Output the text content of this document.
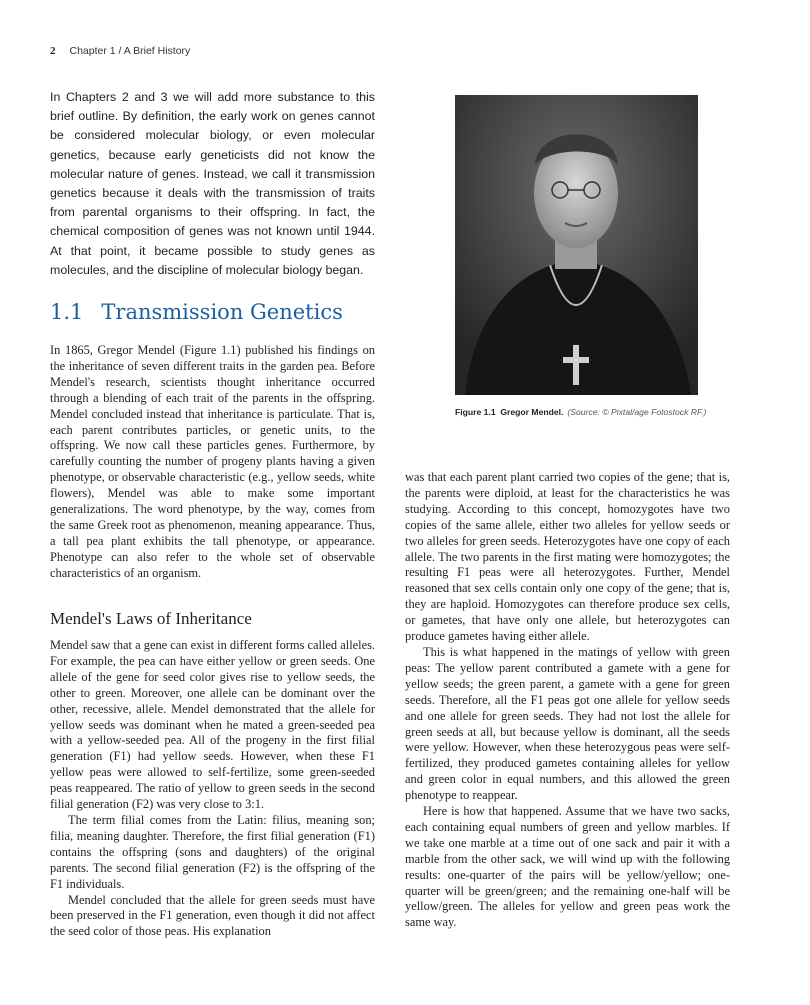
2 Chapter 1 / A Brief History

In Chapters 2 and 3 we will add more substance to this brief outline. By definition, the early work on genes cannot be considered molecular biology, or even molecular genetics, because early geneticists did not know the molecular nature of genes. Instead, we call it transmission genetics because it deals with the transmission of traits from parental organisms to their offspring. In fact, the chemical composition of genes was not known until 1944. At that point, it became possible to study genes as molecules, and the discipline of molecular biology began.

1.1 Transmission Genetics

In 1865, Gregor Mendel (Figure 1.1) published his findings on the inheritance of seven different traits in the garden pea. Before Mendel's research, scientists thought inheritance occurred through a blending of each trait of the parents in the offspring. Mendel concluded instead that inheritance is particulate. That is, each parent contributes particles, or genetic units, to the offspring. We now call these particles genes. Furthermore, by carefully counting the number of progeny plants having a given phenotype, or observable characteristic (e.g., yellow seeds, white flowers), Mendel was able to make some important generalizations. The word phenotype, by the way, comes from the same Greek root as phenomenon, meaning appearance. Thus, a tall pea plant exhibits the tall phenotype, or appearance. Phenotype can also refer to the whole set of observable characteristics of an organism.

Mendel's Laws of Inheritance

Mendel saw that a gene can exist in different forms called alleles. For example, the pea can have either yellow or green seeds. One allele of the gene for seed color gives rise to yellow seeds, the other to green. Moreover, one allele can be dominant over the other, recessive, allele. Mendel demonstrated that the allele for yellow seeds was dominant when he mated a green-seeded pea with a yellow-seeded pea. All of the progeny in the first filial generation (F1) had yellow seeds. However, when these F1 yellow peas were allowed to self-fertilize, some green-seeded peas reappeared. The ratio of yellow to green seeds in the second filial generation (F2) was very close to 3:1.

The term filial comes from the Latin: filius, meaning son; filia, meaning daughter. Therefore, the first filial generation (F1) contains the offspring (sons and daughters) of the original parents. The second filial generation (F2) is the offspring of the F1 individuals.

Mendel concluded that the allele for green seeds must have been preserved in the F1 generation, even though it did not affect the seed color of those peas. His explanation

Figure 1.1 Gregor Mendel. (Source: © Pixtal/age Fotostock RF.)

was that each parent plant carried two copies of the gene; that is, the parents were diploid, at least for the characteristics he was studying. According to this concept, homozygotes have two copies of the same allele, either two alleles for yellow seeds or two alleles for green seeds. Heterozygotes have one copy of each allele. The two parents in the first mating were homozygotes; the resulting F1 peas were all heterozygotes. Further, Mendel reasoned that sex cells contain only one copy of the gene; that is, they are haploid. Homozygotes can therefore produce sex cells, or gametes, that have only one allele, but heterozygotes can produce gametes having either allele.

This is what happened in the matings of yellow with green peas: The yellow parent contributed a gamete with a gene for yellow seeds; the green parent, a gamete with a gene for green seeds. Therefore, all the F1 peas got one allele for yellow seeds and one allele for green seeds. They had not lost the allele for green seeds at all, but because yellow is dominant, all the seeds were yellow. However, when these heterozygous peas were self-fertilized, they produced gametes containing alleles for yellow and green color in equal numbers, and this allowed the green phenotype to reappear.

Here is how that happened. Assume that we have two sacks, each containing equal numbers of green and yellow marbles. If we take one marble at a time out of one sack and pair it with a marble from the other sack, we will wind up with the following results: one-quarter of the pairs will be yellow/yellow; one-quarter will be green/green; and the remaining one-half will be yellow/green. The alleles for yellow and green peas work the same way.
